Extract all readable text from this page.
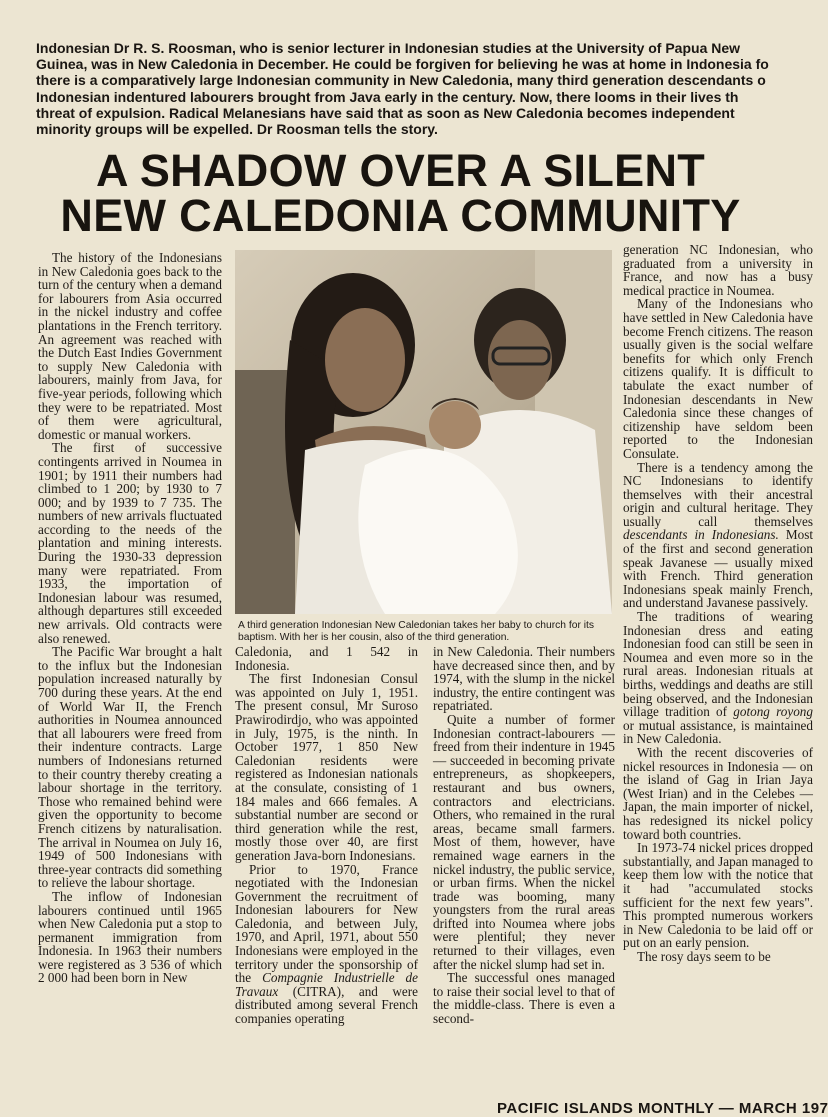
Indonesian Dr R. S. Roosman, who is senior lecturer in Indonesian studies at the University of Papua New
Guinea, was in New Caledonia in December. He could be forgiven for believing he was at home in Indonesia fo
there is a comparatively large Indonesian community in New Caledonia, many third generation descendants o
Indonesian indentured labourers brought from Java early in the century. Now, there looms in their lives th
threat of expulsion. Radical Melanesians have said that as soon as New Caledonia becomes independent
minority groups will be expelled. Dr Roosman tells the story.
A SHADOW OVER A SILENT
NEW CALEDONIA COMMUNITY

The history of the Indonesians in New Caledonia goes back to the turn of the century when a demand for labourers from Asia occurred in the nickel industry and coffee plantations in the French territory. An agreement was reached with the Dutch East Indies Government to supply New Caledonia with labourers, mainly from Java, for five-year periods, following which they were to be repatriated. Most of them were agricultural, domestic or manual workers.

The first of successive contingents arrived in Noumea in 1901; by 1911 their numbers had climbed to 1 200; by 1930 to 7 000; and by 1939 to 7 735. The numbers of new arrivals fluctuated according to the needs of the plantation and mining interests. During the 1930-33 depression many were repatriated. From 1933, the importation of Indonesian labour was resumed, although departures still exceeded new arrivals. Old contracts were also renewed.

The Pacific War brought a halt to the influx but the Indonesian population increased naturally by 700 during these years. At the end of World War II, the French authorities in Noumea announced that all labourers were freed from their indenture contracts. Large numbers of Indonesians returned to their country thereby creating a labour shortage in the territory. Those who remained behind were given the opportunity to become French citizens by naturalisation. The arrival in Noumea on July 16, 1949 of 500 Indonesians with three-year contracts did something to relieve the labour shortage.

The inflow of Indonesian labourers continued until 1965 when New Caledonia put a stop to permanent immigration from Indonesia. In 1963 their numbers were registered as 3 536 of which 2 000 had been born in New

A third generation Indonesian New Caledonian takes her baby to church for its baptism. With her is her cousin, also of the third generation.

Caledonia, and 1 542 in Indonesia.

The first Indonesian Consul was appointed on July 1, 1951. The present consul, Mr Suroso Prawirodirdjo, who was appointed in July, 1975, is the ninth. In October 1977, 1 850 New Caledonian residents were registered as Indonesian nationals at the consulate, consisting of 1 184 males and 666 females. A substantial number are second or third generation while the rest, mostly those over 40, are first generation Java-born Indonesians.

Prior to 1970, France negotiated with the Indonesian Government the recruitment of Indonesian labourers for New Caledonia, and between July, 1970, and April, 1971, about 550 Indonesians were employed in the territory under the sponsorship of the Compagnie Industrielle de Travaux (CITRA), and were distributed among several French companies operating

in New Caledonia. Their numbers have decreased since then, and by 1974, with the slump in the nickel industry, the entire contingent was repatriated.

Quite a number of former Indonesian contract-labourers — freed from their indenture in 1945 — succeeded in becoming private entrepreneurs, as shopkeepers, restaurant and bus owners, contractors and electricians. Others, who remained in the rural areas, became small farmers. Most of them, however, have remained wage earners in the nickel industry, the public service, or urban firms. When the nickel trade was booming, many youngsters from the rural areas drifted into Noumea where jobs were plentiful; they never returned to their villages, even after the nickel slump had set in.

The successful ones managed to raise their social level to that of the middle-class. There is even a second-

generation NC Indonesian, who graduated from a university in France, and now has a busy medical practice in Noumea.

Many of the Indonesians who have settled in New Caledonia have become French citizens. The reason usually given is the social welfare benefits for which only French citizens qualify. It is difficult to tabulate the exact number of Indonesian descendants in New Caledonia since these changes of citizenship have seldom been reported to the Indonesian Consulate.

There is a tendency among the NC Indonesians to identify themselves with their ancestral origin and cultural heritage. They usually call themselves descendants in Indonesians. Most of the first and second generation speak Javanese — usually mixed with French. Third generation Indonesians speak mainly French, and understand Javanese passively.

The traditions of wearing Indonesian dress and eating Indonesian food can still be seen in Noumea and even more so in the rural areas. Indonesian rituals at births, weddings and deaths are still being observed, and the Indonesian village tradition of gotong royong or mutual assistance, is maintained in New Caledonia.

With the recent discoveries of nickel resources in Indonesia — on the island of Gag in Irian Jaya (West Irian) and in the Celebes — Japan, the main importer of nickel, has redesigned its nickel policy toward both countries.

In 1973-74 nickel prices dropped substantially, and Japan managed to keep them low with the notice that it had "accumulated stocks sufficient for the next few years". This prompted numerous workers in New Caledonia to be laid off or put on an early pension.

The rosy days seem to be

PACIFIC ISLANDS MONTHLY — MARCH 197
